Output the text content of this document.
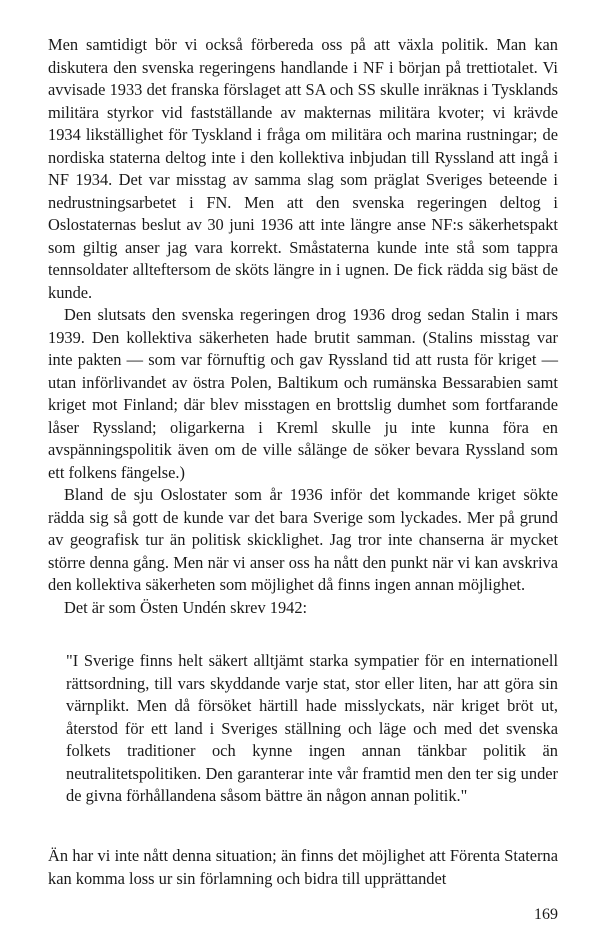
Men samtidigt bör vi också förbereda oss på att växla politik. Man kan diskutera den svenska regeringens handlande i NF i början på trettiotalet. Vi avvisade 1933 det franska förslaget att SA och SS skulle inräknas i Tysklands militära styrkor vid fastställande av makternas militära kvoter; vi krävde 1934 likställighet för Tyskland i fråga om militära och marina rustningar; de nordiska staterna deltog inte i den kollektiva inbjudan till Ryssland att ingå i NF 1934. Det var misstag av samma slag som präglat Sveriges beteende i nedrustningsarbetet i FN. Men att den svenska regeringen deltog i Oslostaternas beslut av 30 juni 1936 att inte längre anse NF:s säkerhetspakt som giltig anser jag vara korrekt. Småstaterna kunde inte stå som tappra tennsoldater allteftersom de sköts längre in i ugnen. De fick rädda sig bäst de kunde.

Den slutsats den svenska regeringen drog 1936 drog sedan Stalin i mars 1939. Den kollektiva säkerheten hade brutit samman. (Stalins misstag var inte pakten — som var förnuftig och gav Ryssland tid att rusta för kriget — utan införlivandet av östra Polen, Baltikum och rumänska Bessarabien samt kriget mot Finland; där blev misstagen en brottslig dumhet som fortfarande låser Ryssland; oligarkerna i Kreml skulle ju inte kunna föra en avspänningspolitik även om de ville sålänge de söker bevara Ryssland som ett folkens fängelse.)

Bland de sju Oslostater som år 1936 inför det kommande kriget sökte rädda sig så gott de kunde var det bara Sverige som lyckades. Mer på grund av geografisk tur än politisk skicklighet. Jag tror inte chanserna är mycket större denna gång. Men när vi anser oss ha nått den punkt när vi kan avskriva den kollektiva säkerheten som möjlighet då finns ingen annan möjlighet.

Det är som Östen Undén skrev 1942:

"I Sverige finns helt säkert alltjämt starka sympatier för en internationell rättsordning, till vars skyddande varje stat, stor eller liten, har att göra sin värnplikt. Men då försöket härtill hade misslyckats, när kriget bröt ut, återstod för ett land i Sveriges ställning och läge och med det svenska folkets traditioner och kynne ingen annan tänkbar politik än neutralitetspolitiken. Den garanterar inte vår framtid men den ter sig under de givna förhållandena såsom bättre än någon annan politik."

Än har vi inte nått denna situation; än finns det möjlighet att Förenta Staterna kan komma loss ur sin förlamning och bidra till upprättandet

169
